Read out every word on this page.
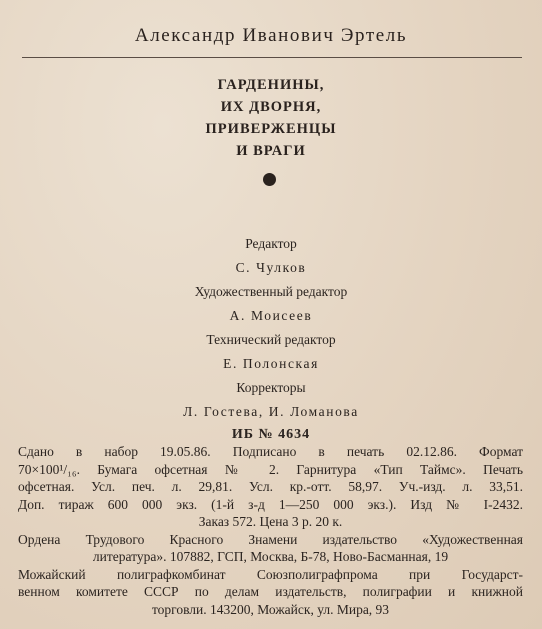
Александр Иванович Эртель
ГАРДЕНИНЫ,
ИХ ДВОРНЯ,
ПРИВЕРЖЕНЦЫ
И ВРАГИ
Редактор
С. Чулков
Художественный редактор
А. Моисеев
Технический редактор
Е. Полонская
Корректоры
Л. Гостева, И. Ломанова
ИБ № 4634
Сдано в набор 19.05.86. Подписано в печать 02.12.86. Формат
70×100¹/₁₆. Бумага офсетная № 2. Гарнитура «Тип Таймс». Печать
офсетная. Усл. печ. л. 29,81. Усл. кр.-отт. 58,97. Уч.-изд. л. 33,51.
Доп. тираж 600 000 экз. (1-й з-д 1—250 000 экз.). Изд № I-2432.
Заказ 572. Цена 3 р. 20 к.
Ордена Трудового Красного Знамени издательство «Художественная
литература». 107882, ГСП, Москва, Б-78, Ново-Басманная, 19
Можайский полиграфкомбинат Союзполиграфпрома при Государст-
венном комитете СССР по делам издательств, полиграфии и книжной
торговли. 143200, Можайск, ул. Мира, 93
